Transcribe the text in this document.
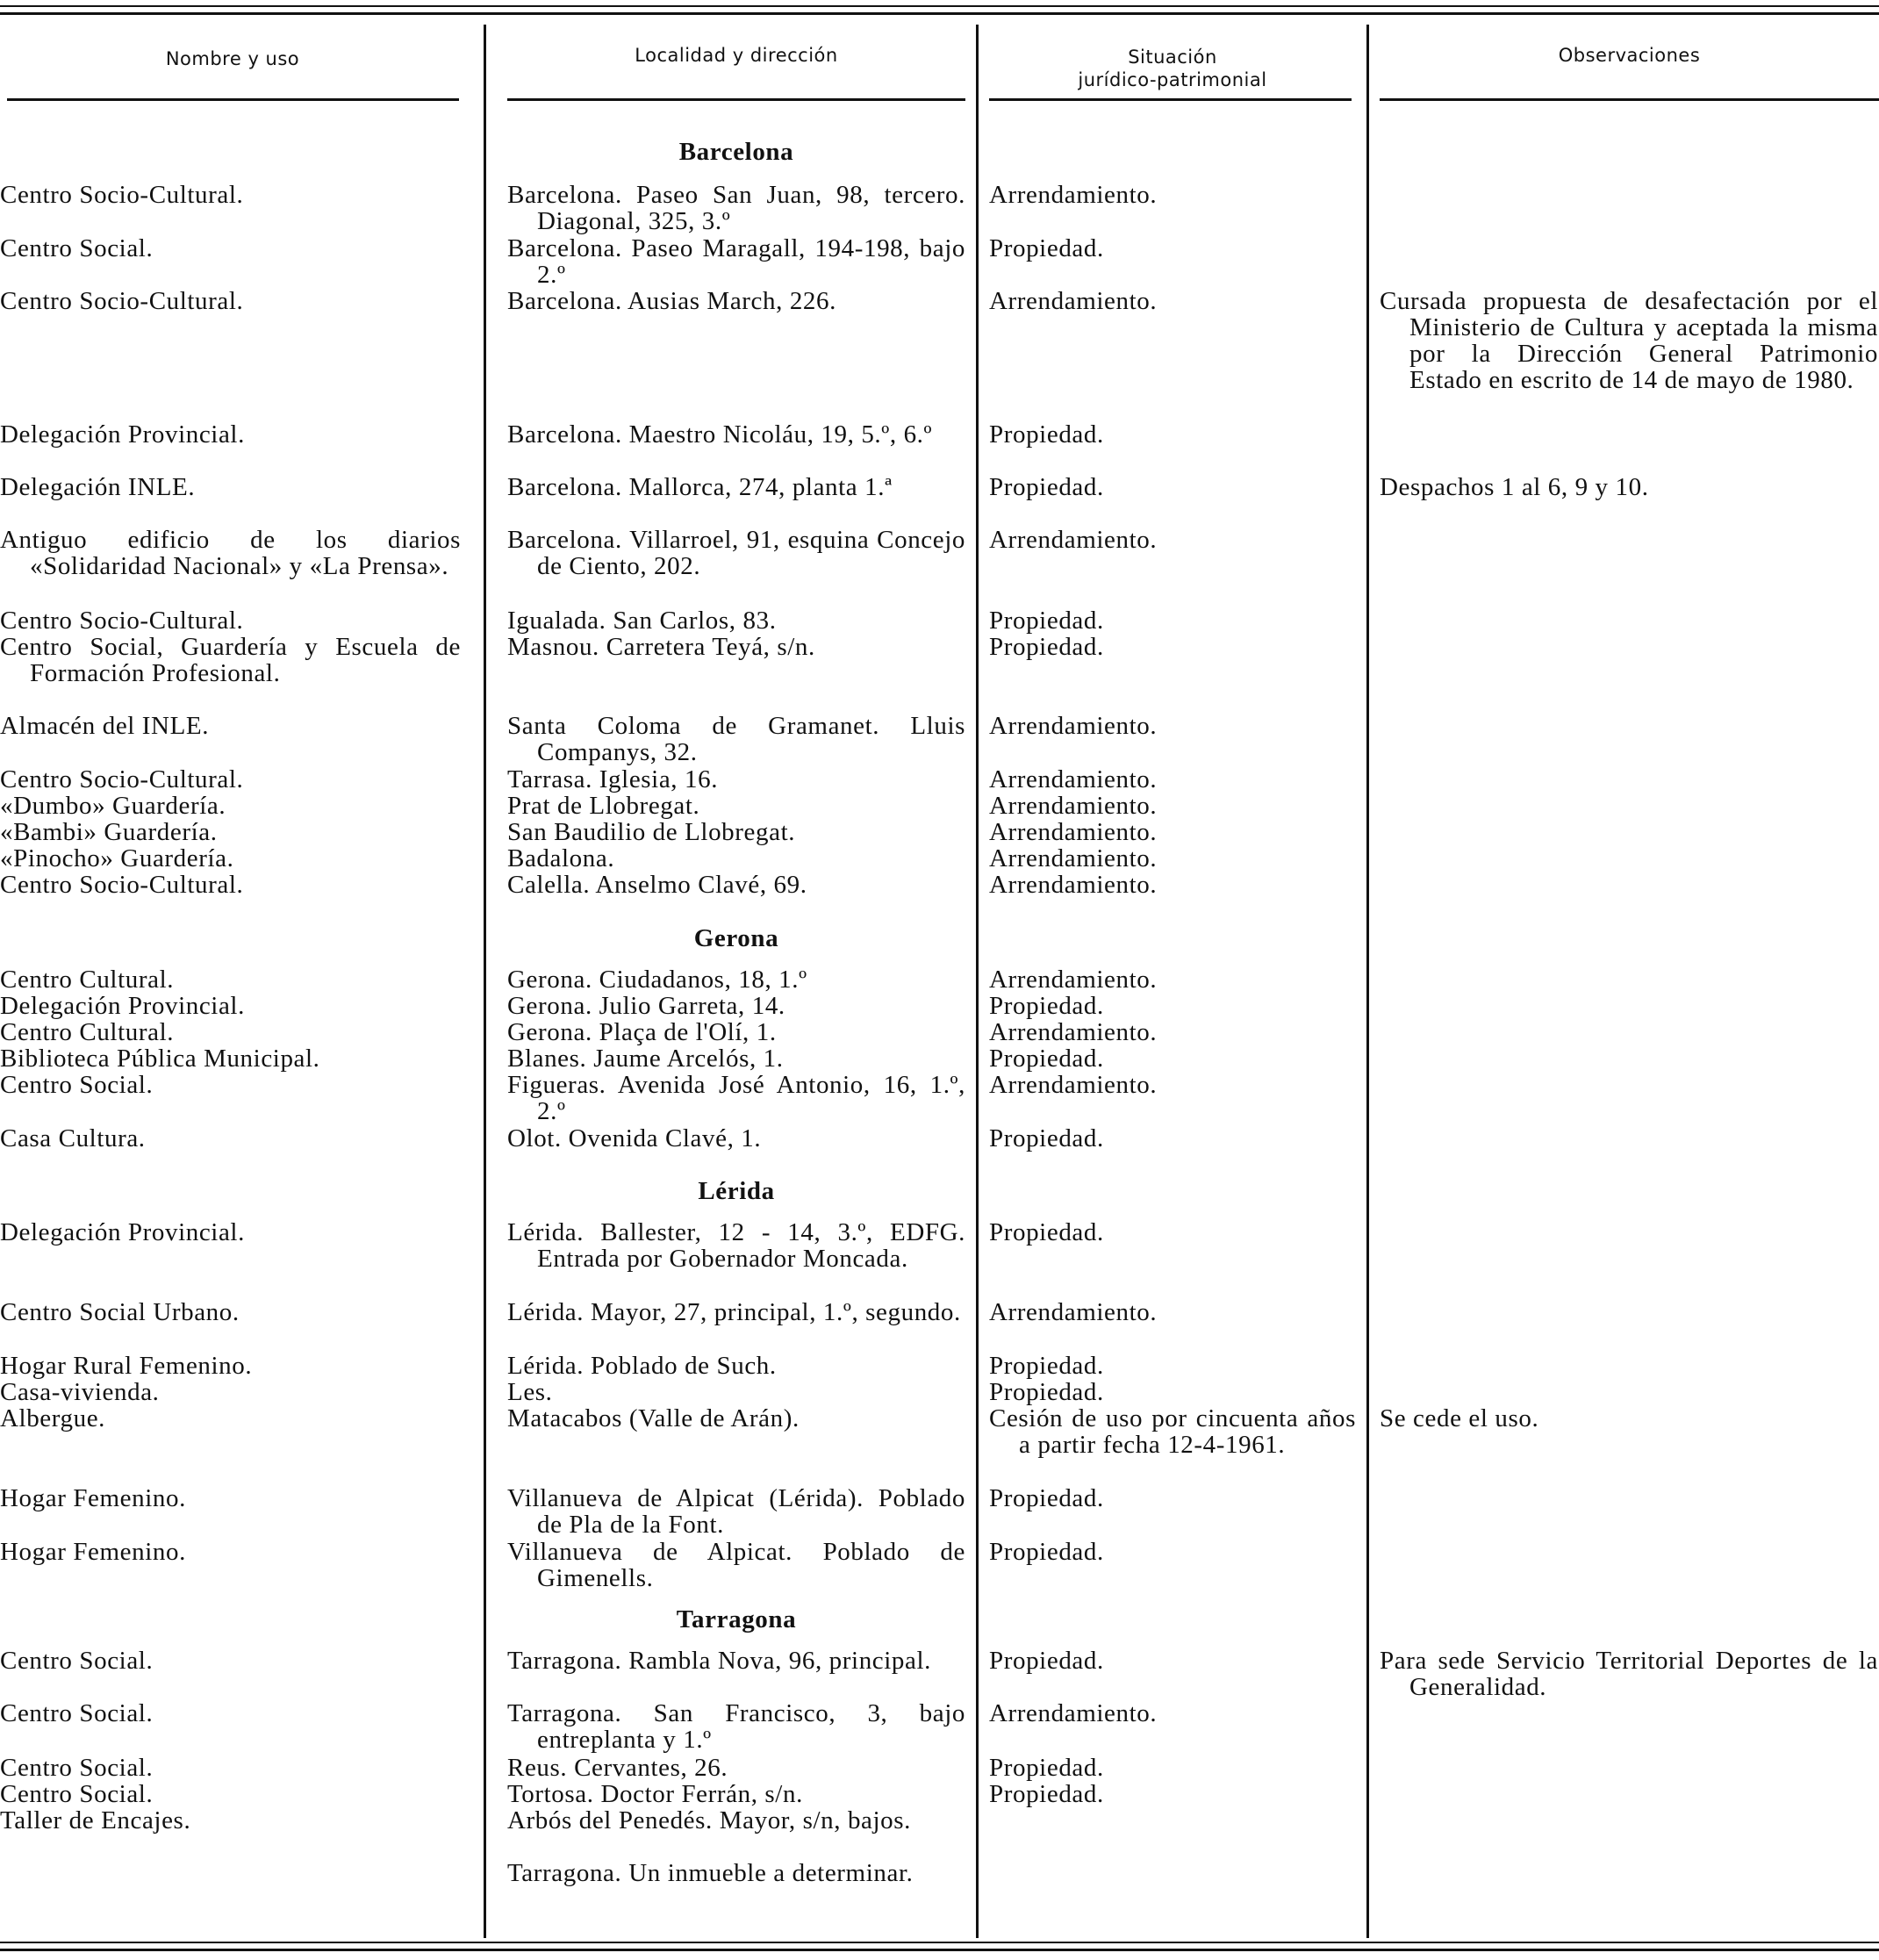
Nombre y uso	Localidad y dirección	Situación
jurídico-patrimonial
Observaciones
Barcelona
Gerona
Lérida
Tarragona
Centro Socio-Cultural.
Centro Social.
Centro Socio-Cultural.
Delegación Provincial.
Delegación INLE.
Antiguo edificio de los diarios «Solidaridad Nacional» y «La Prensa».
Centro Socio-Cultural.
Centro Social, Guardería y Escuela de Formación Profesional.
Almacén del INLE.
Centro Socio-Cultural.
«Dumbo» Guardería.
«Bambi» Guardería.
«Pinocho» Guardería.
Centro Socio-Cultural.
Centro Cultural.
Delegación Provincial.
Centro Cultural.
Biblioteca Pública Municipal.
Centro Social.
Casa Cultura.
Delegación Provincial.
Centro Social Urbano.
Hogar Rural Femenino.
Casa-vivienda.
Albergue.
Hogar Femenino.
Hogar Femenino.
Centro Social.
Centro Social.
Centro Social.
Centro Social.
Taller de Encajes.
Barcelona. Paseo San Juan, 98, tercero. Diagonal, 325, 3.º
Barcelona. Paseo Maragall, 194-198, bajo 2.º
Barcelona. Ausias March, 226.
Barcelona. Maestro Nicoláu, 19, 5.º, 6.º
Barcelona. Mallorca, 274, planta 1.ª
Barcelona. Villarroel, 91, esquina Concejo de Ciento, 202.
Igualada. San Carlos, 83.
Masnou. Carretera Teyá, s/n.
Santa Coloma de Gramanet. Lluis Companys, 32.
Tarrasa. Iglesia, 16.
Prat de Llobregat.
San Baudilio de Llobregat.
Badalona.
Calella. Anselmo Clavé, 69.
Gerona. Ciudadanos, 18, 1.º
Gerona. Julio Garreta, 14.
Gerona. Plaça de l'Olí, 1.
Blanes. Jaume Arcelós, 1.
Figueras. Avenida José Antonio, 16, 1.º, 2.º
Olot. Ovenida Clavé, 1.
Lérida. Ballester, 12 - 14, 3.º, EDFG. Entrada por Gobernador Moncada.
Lérida. Mayor, 27, principal, 1.º, segundo.
Lérida. Poblado de Such.
Les.
Matacabos (Valle de Arán).
Villanueva de Alpicat (Lérida). Poblado de Pla de la Font.
Villanueva de Alpicat. Poblado de Gimenells.
Tarragona. Rambla Nova, 96, principal.
Tarragona. San Francisco, 3, bajo entreplanta y 1.º
Reus. Cervantes, 26.
Tortosa. Doctor Ferrán, s/n.
Arbós del Penedés. Mayor, s/n, bajos.
Tarragona. Un inmueble a determinar.
Arrendamiento.
Propiedad.
Arrendamiento.
Propiedad.
Propiedad.
Arrendamiento.
Propiedad.
Propiedad.
Arrendamiento.
Arrendamiento.
Arrendamiento.
Arrendamiento.
Arrendamiento.
Arrendamiento.
Arrendamiento.
Propiedad.
Arrendamiento.
Propiedad.
Arrendamiento.
Propiedad.
Propiedad.
Arrendamiento.
Propiedad.
Propiedad.
Cesión de uso por cincuenta años a partir fecha 12-4-1961.
Propiedad.
Propiedad.
Propiedad.
Arrendamiento.
Propiedad.
Propiedad.
Cursada propuesta de desafectación por el Ministerio de Cultura y aceptada la misma por la Dirección General Patrimonio Estado en escrito de 14 de mayo de 1980.
Despachos 1 al 6, 9 y 10.
Se cede el uso.
Para sede Servicio Territorial Deportes de la Generalidad.
